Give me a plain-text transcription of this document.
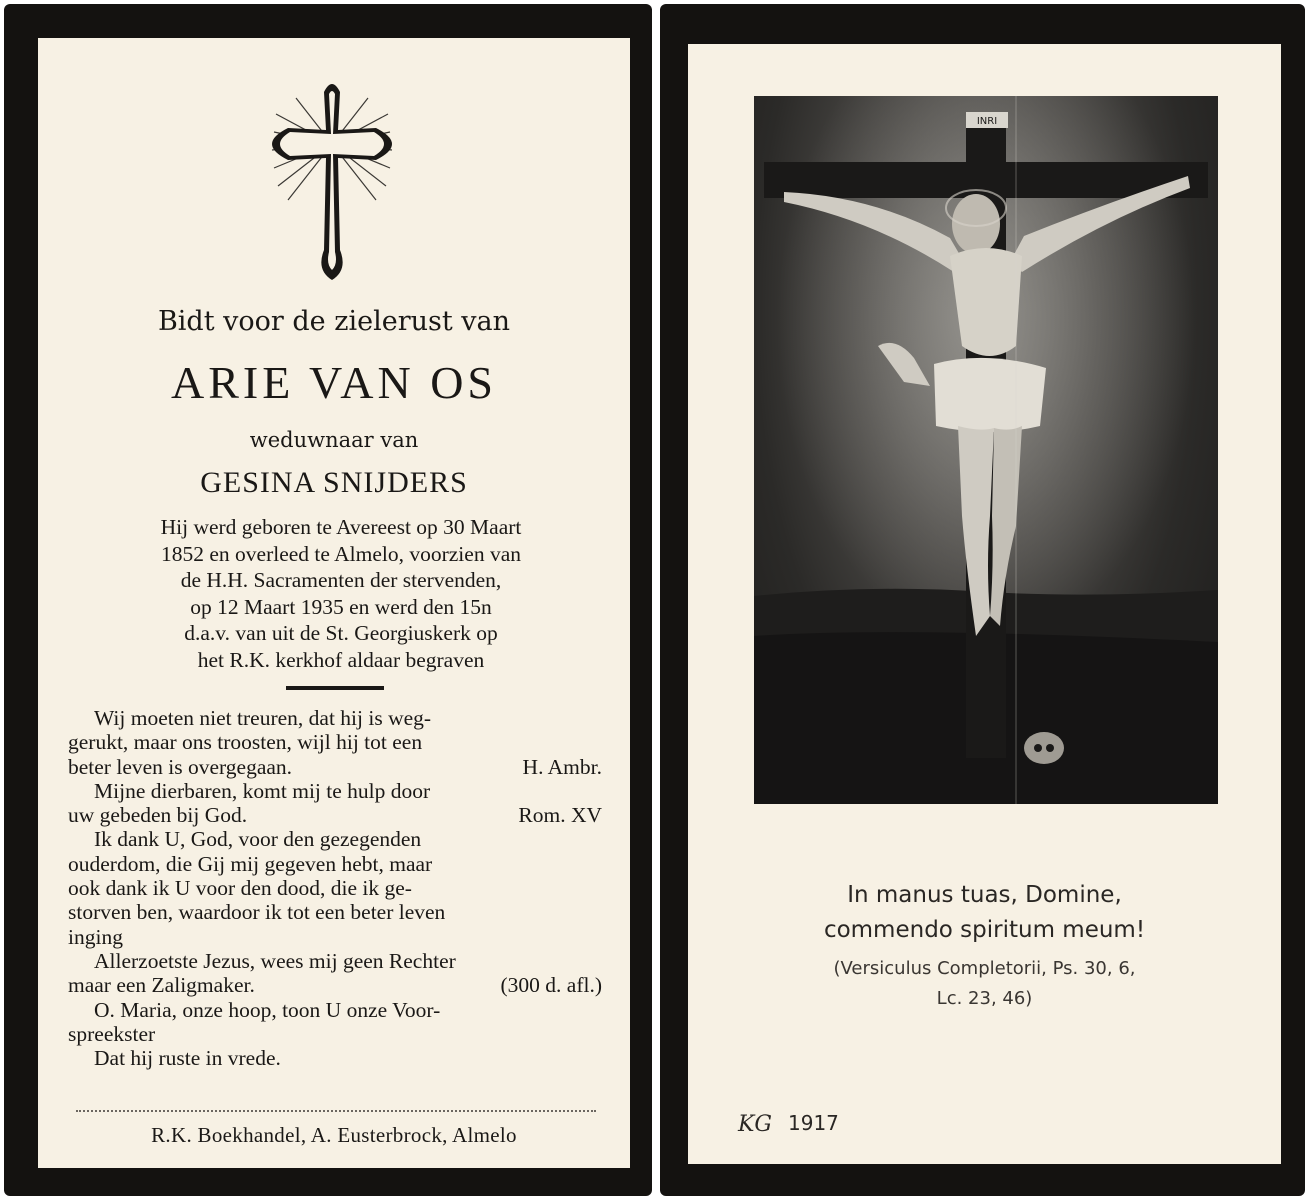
Bidt voor de zielerust van
ARIE VAN OS
weduwnaar van
GESINA SNIJDERS
Hij werd geboren te Avereest op 30 Maart
1852 en overleed te Almelo, voorzien van
de H.H. Sacramenten der stervenden,
op 12 Maart 1935 en werd den 15n
d.a.v. van uit de St. Georgiuskerk op
het R.K. kerkhof aldaar begraven
Wij moeten niet treuren, dat hij is weg-
gerukt, maar ons troosten, wijl hij tot een
beter leven is overgegaan.	H. Ambr.
Mijne dierbaren, komt mij te hulp door
uw gebeden bij God.	Rom. XV
Ik dank U, God, voor den gezegenden
ouderdom, die Gij mij gegeven hebt, maar
ook dank ik U voor den dood, die ik ge-
storven ben, waardoor ik tot een beter leven
inging
Allerzoetste Jezus, wees mij geen Rechter
maar een Zaligmaker.	(300 d. afl.)
O. Maria, onze hoop, toon U onze Voor-
spreekster
Dat hij ruste in vrede.
R.K. Boekhandel, A. Eusterbrock, Almelo
INRI
In manus tuas, Domine,
commendo spiritum meum!
(Versiculus Completorii, Ps. 30, 6,
Lc. 23, 46)
KG 1917
